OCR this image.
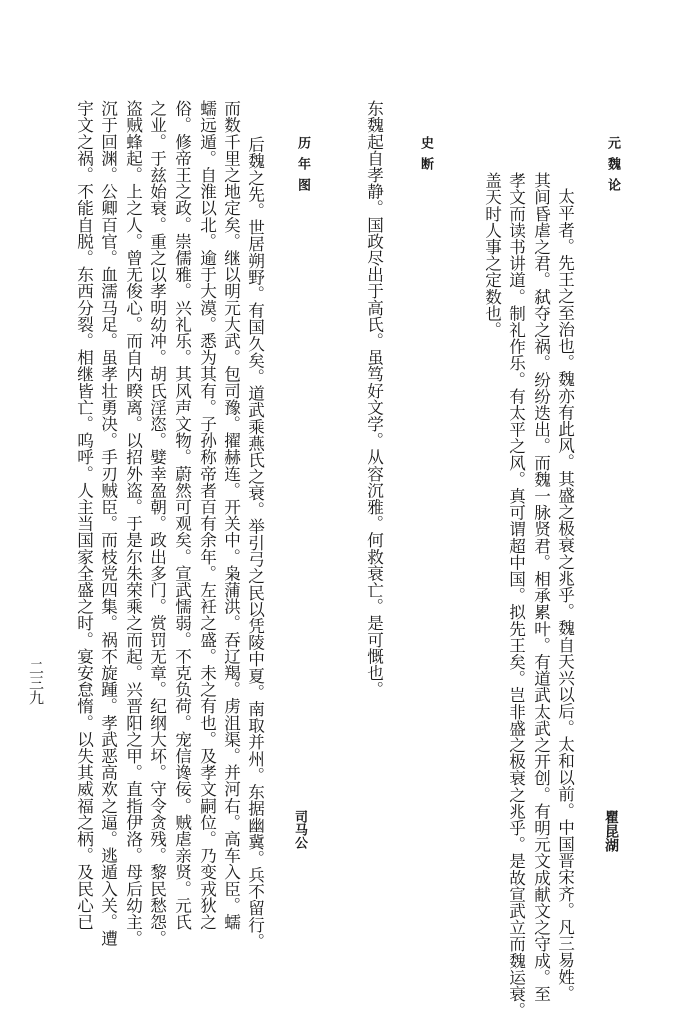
元魏论
瞿昆湖

太平者。先王之至治也。魏亦有此风。其盛之极衰之兆乎。魏自天兴以后。太和以前。中国晋宋齐。凡三易姓。

其间昏虐之君。弑夺之祸。纷纷迭出。而魏一脉贤君。相承累叶。有道武太武之开创。有明元文成献文之守成。至

孝文而读书讲道。制礼作乐。有太平之风。真可谓超中国。拟先王矣。岂非盛之极衰之兆乎。是故宣武立而魏运衰。

盖天时人事之定数也。

史断

东魏起自孝静。国政尽出于高氏。虽笃好文学。从容沉雅。何救衰亡。是可慨也。

历年图
司马公

后魏之先。世居朔野。有国久矣。道武乘燕氏之衰。举引弓之民以凭陵中夏。南取并州。东据幽冀。兵不留行。

而数千里之地定矣。继以明元大武。包司豫。擢赫连。开关中。枭蒲洪。吞辽羯。虏沮渠。并河右。高车入臣。蠕

蠕远遁。自淮以北。逾于大漠。悉为其有。子孙称帝者百有余年。左衽之盛。未之有也。及孝文嗣位。乃变戎狄之

俗。修帝王之政。崇儒雅。兴礼乐。其风声文物。蔚然可观矣。宣武懦弱。不克负荷。宠信谗佞。贼虐亲贤。元氏

之业。于兹始衰。重之以孝明幼冲。胡氏淫恣。嬖幸盈朝。政出多门。赏罚无章。纪纲大坏。守令贪残。黎民愁怨。

盗贼蜂起。上之人。曾无俊心。而自内睽离。以招外盗。于是尔朱荣乘之而起。兴晋阳之甲。直指伊洛。母后幼主。

沉于回渊。公卿百官。血濡马足。虽孝壮勇决。手刃贼臣。而枝党四集。祸不旋踵。孝武恶高欢之逼。逃遁入关。遭

宇文之祸。不能自脱。东西分裂。相继皆亡。呜呼。人主当国家全盛之时。宴安怠惰。以失其威福之柄。及民心已

二三九
